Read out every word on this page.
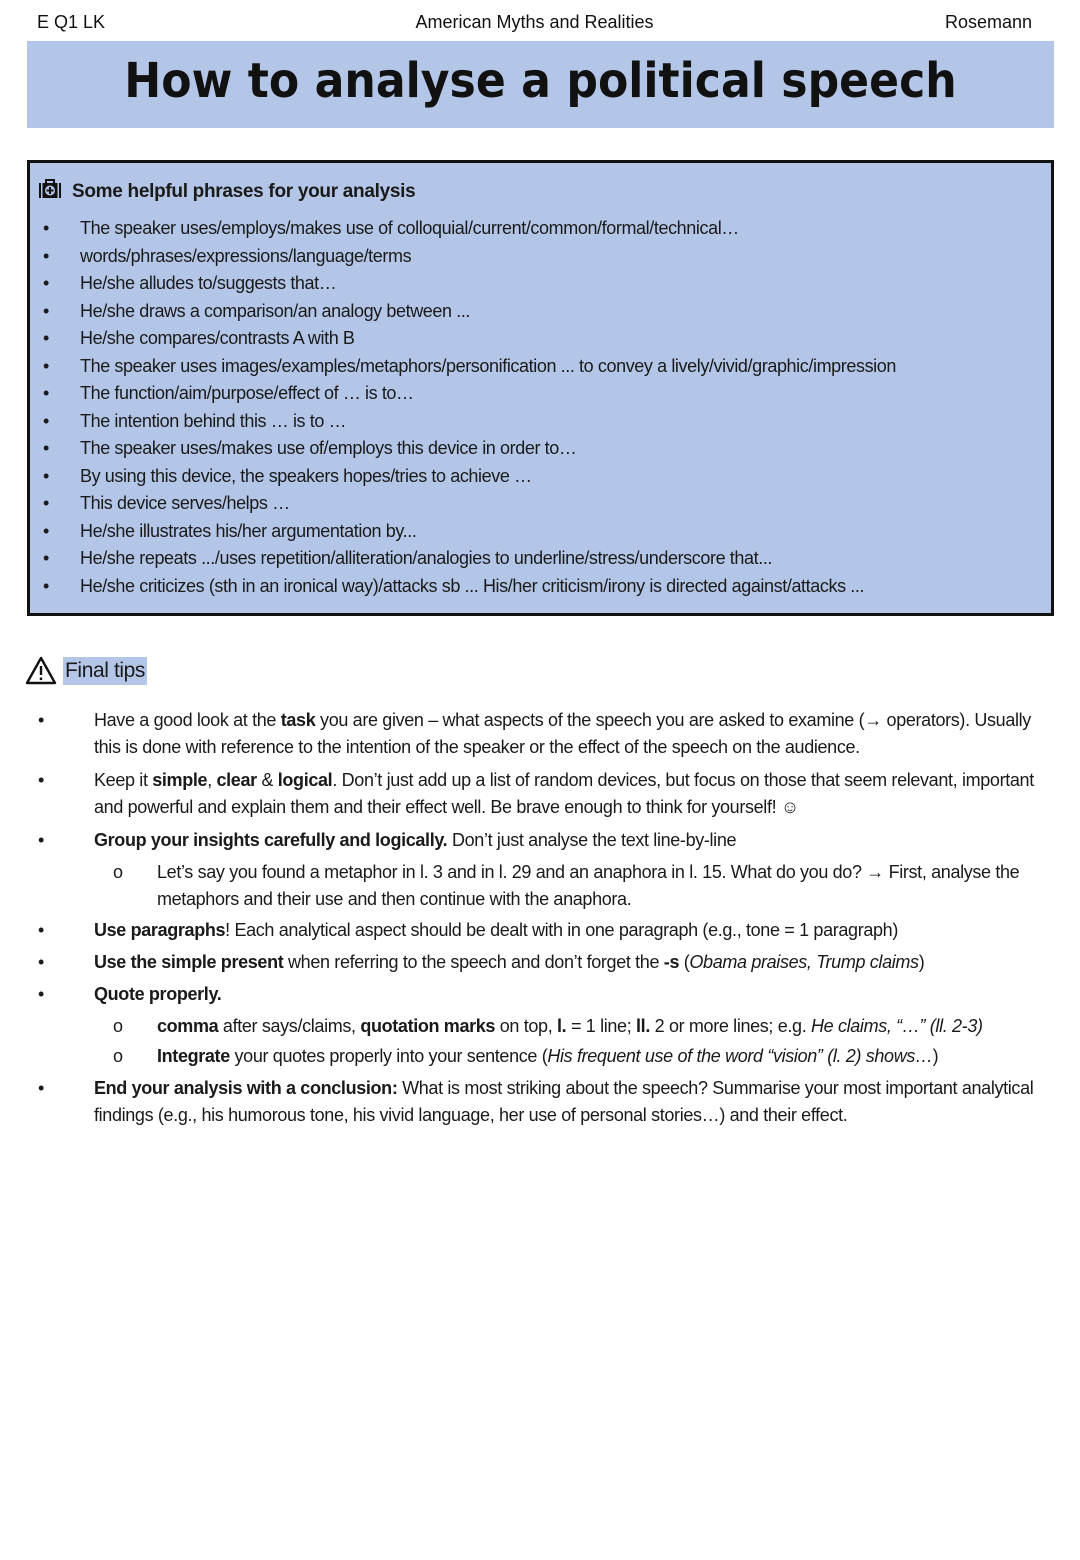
E Q1 LK	American Myths and Realities	Rosemann
How to analyse a political speech
Some helpful phrases for your analysis
• The speaker uses/employs/makes use of colloquial/current/common/formal/technical…
• words/phrases/expressions/language/terms
• He/she alludes to/suggests that…
• He/she draws a comparison/an analogy between ...
• He/she compares/contrasts A with B
• The speaker uses images/examples/metaphors/personification ... to convey a lively/vivid/graphic/impression
• The function/aim/purpose/effect of … is to…
• The intention behind this … is to …
• The speaker uses/makes use of/employs this device in order to…
• By using this device, the speakers hopes/tries to achieve …
• This device serves/helps …
• He/she illustrates his/her argumentation by...
• He/she repeats .../uses repetition/alliteration/analogies to underline/stress/underscore that...
• He/she criticizes (sth in an ironical way)/attacks sb ... His/her criticism/irony is directed against/attacks ...
Final tips
•	Have a good look at the task you are given – what aspects of the speech you are asked to examine (→ operators). Usually this is done with reference to the intention of the speaker or the effect of the speech on the audience.
•	Keep it simple, clear & logical. Don’t just add up a list of random devices, but focus on those that seem relevant, important and powerful and explain them and their effect well. Be brave enough to think for yourself! ☺
•	Group your insights carefully and logically. Don’t just analyse the text line-by-line
o Let’s say you found a metaphor in l. 3 and in l. 29 and an anaphora in l. 15. What do you do? → First, analyse the metaphors and their use and then continue with the anaphora.
•	Use paragraphs! Each analytical aspect should be dealt with in one paragraph (e.g., tone = 1 paragraph)
•	Use the simple present when referring to the speech and don’t forget the -s (Obama praises, Trump claims)
•	Quote properly.
o comma after says/claims, quotation marks on top, l. = 1 line; ll. 2 or more lines; e.g. He claims, “…” (ll. 2-3)
o Integrate your quotes properly into your sentence (His frequent use of the word “vision” (l. 2) shows…)
•	End your analysis with a conclusion: What is most striking about the speech? Summarise your most important analytical findings (e.g., his humorous tone, his vivid language, her use of personal stories…) and their effect.
